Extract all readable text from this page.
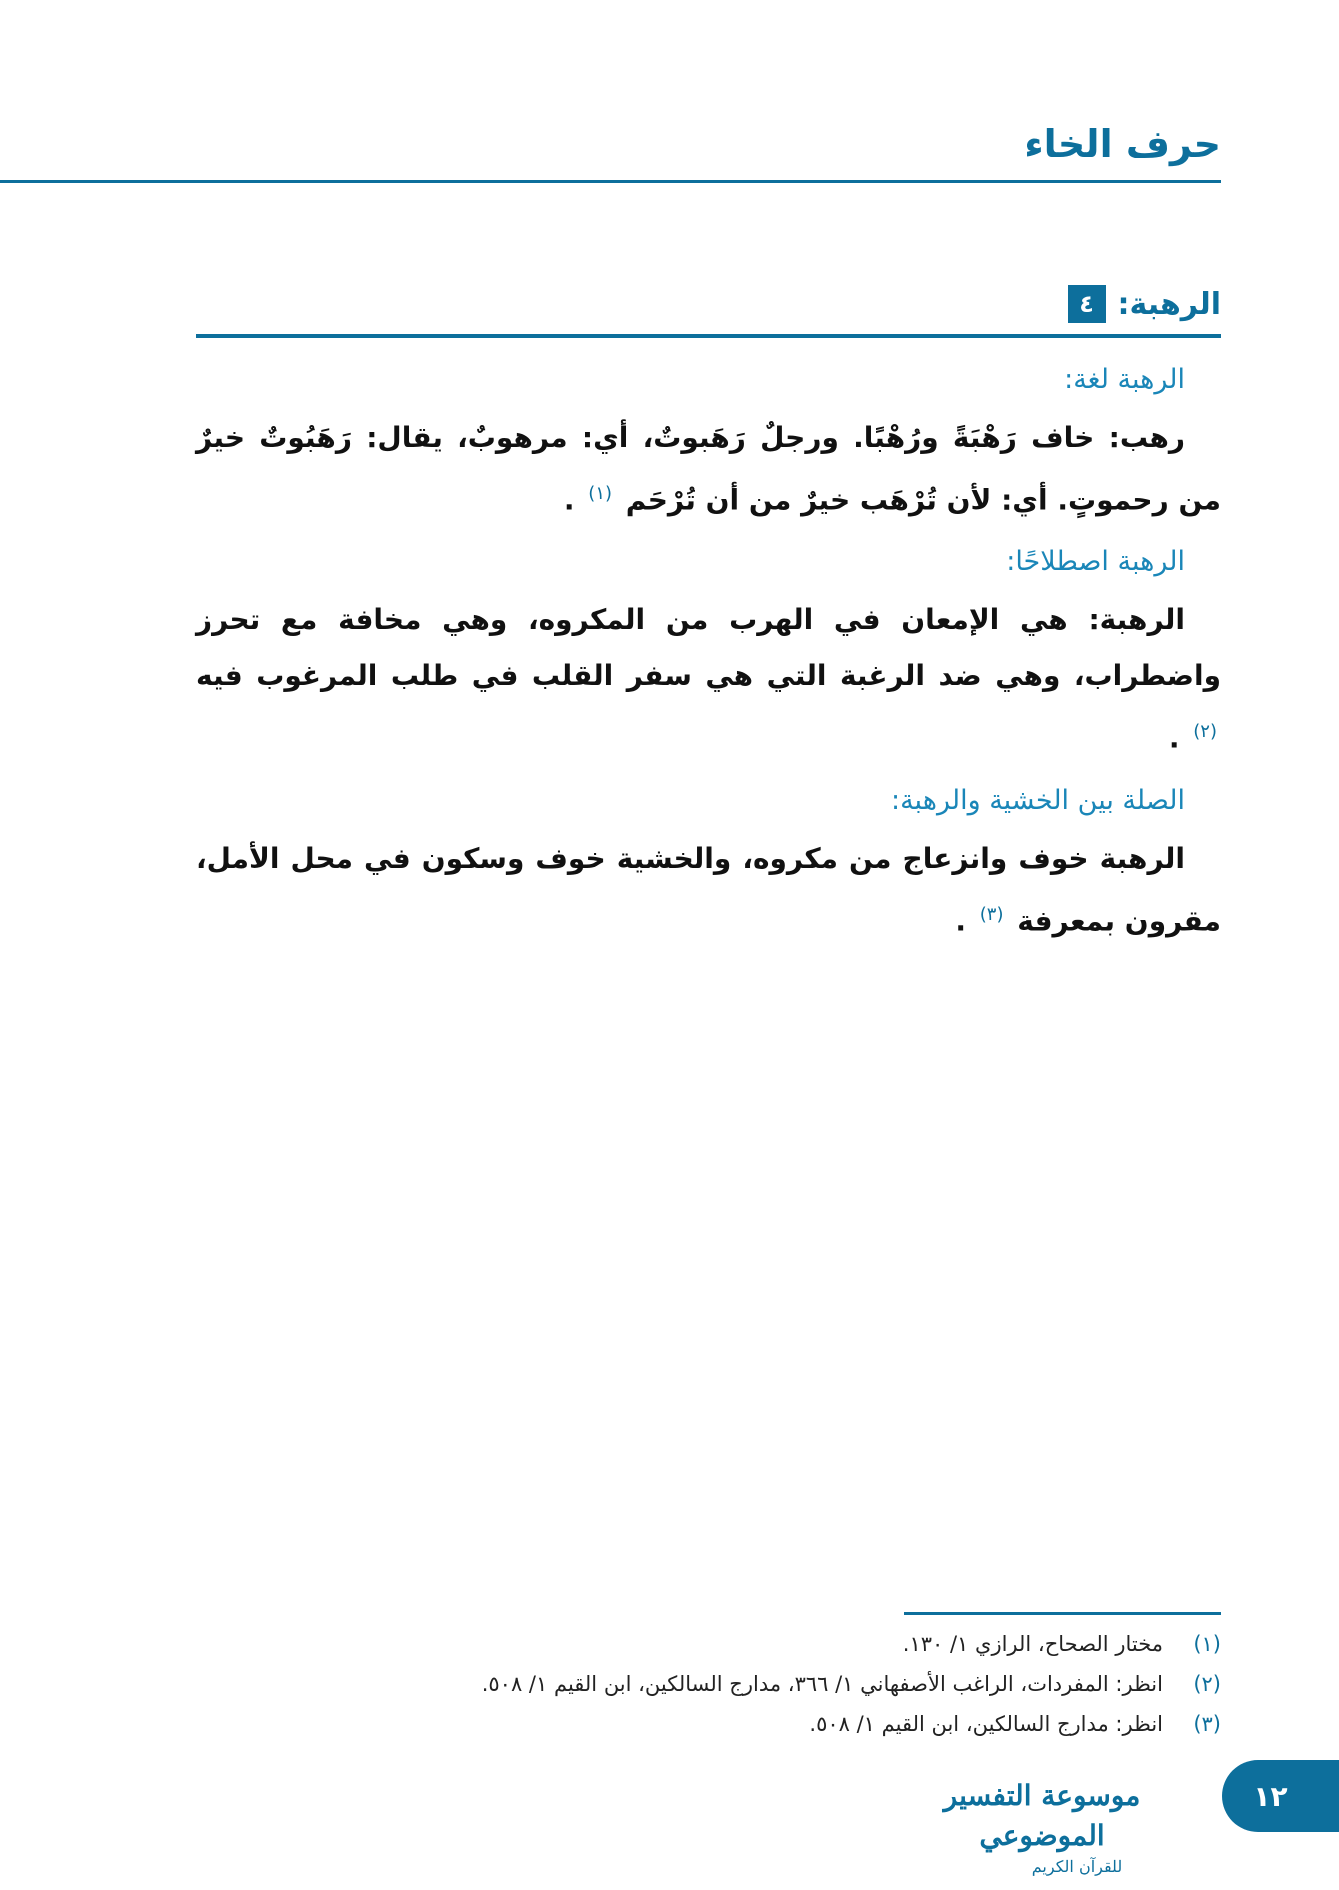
حرف الخاء
٤ الرهبة:
الرهبة لغة:

رهب: خاف رَهْبَةً ورُهْبًا. ورجلٌ رَهَبوتٌ، أي: مرهوبٌ، يقال: رَهَبُوتٌ خيرٌ من رحموتٍ. أي: لأن تُرْهَب خيرٌ من أن تُرْحَم $^{(١)}$ .

الرهبة اصطلاحًا:

الرهبة: هي الإمعان في الهرب من المكروه، وهي مخافة مع تحرز واضطراب، وهي ضد الرغبة التي هي سفر القلب في طلب المرغوب فيه $^{(٢)}$ .

الصلة بين الخشية والرهبة:

الرهبة خوف وانزعاج من مكروه، والخشية خوف وسكون في محل الأمل، مقرون بمعرفة $^{(٣)}$ .

(١)
مختار الصحاح، الرازي ١/ ١٣٠.
(٢)
انظر: المفردات، الراغب الأصفهاني ١/ ٣٦٦، مدارج السالكين، ابن القيم ١/ ٥٠٨.
(٣)
انظر: مدارج السالكين، ابن القيم ١/ ٥٠٨.
موسوعة التفسير الموضوعي
للقرآن الكريم
١٢
